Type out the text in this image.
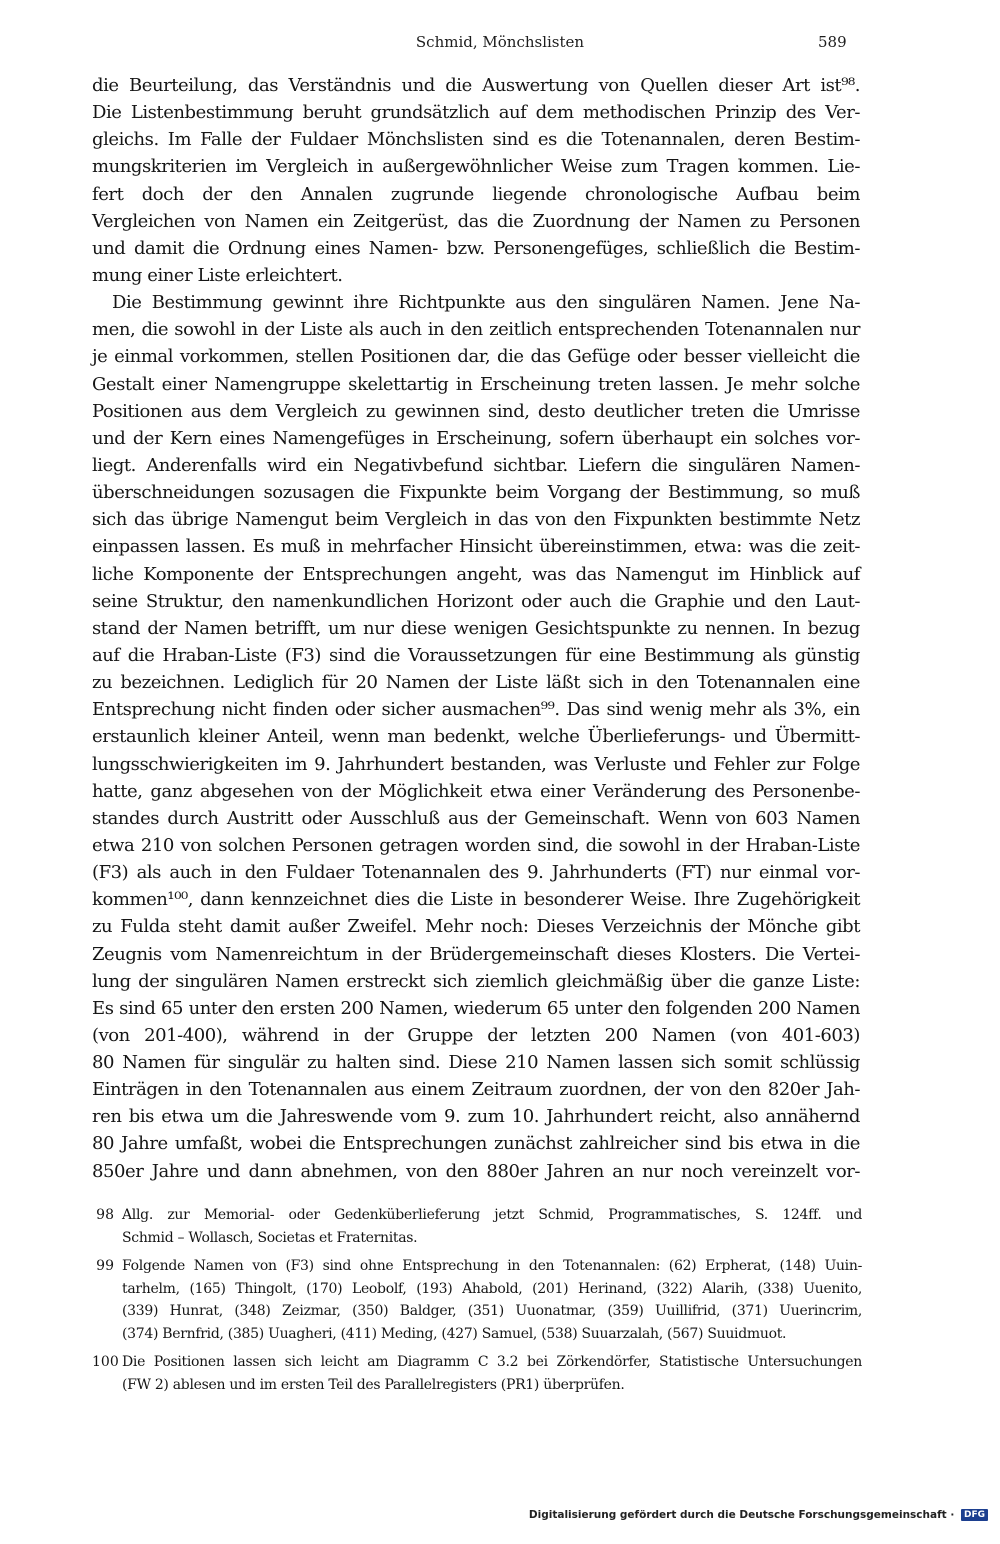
Schmid, Mönchslisten	589
die Beurteilung, das Verständnis und die Auswertung von Quellen dieser Art ist⁹⁸.
Die Listenbestimmung beruht grundsätzlich auf dem methodischen Prinzip des Ver-
gleichs. Im Falle der Fuldaer Mönchslisten sind es die Totenannalen, deren Bestim-
mungskriterien im Vergleich in außergewöhnlicher Weise zum Tragen kommen. Lie-
fert doch der den Annalen zugrunde liegende chronologische Aufbau beim
Vergleichen von Namen ein Zeitgerüst, das die Zuordnung der Namen zu Personen
und damit die Ordnung eines Namen- bzw. Personengefüges, schließlich die Bestim-
mung einer Liste erleichtert.
Die Bestimmung gewinnt ihre Richtpunkte aus den singulären Namen. Jene Na-
men, die sowohl in der Liste als auch in den zeitlich entsprechenden Totenannalen nur
je einmal vorkommen, stellen Positionen dar, die das Gefüge oder besser vielleicht die
Gestalt einer Namengruppe skelettartig in Erscheinung treten lassen. Je mehr solche
Positionen aus dem Vergleich zu gewinnen sind, desto deutlicher treten die Umrisse
und der Kern eines Namengefüges in Erscheinung, sofern überhaupt ein solches vor-
liegt. Anderenfalls wird ein Negativbefund sichtbar. Liefern die singulären Namen-
überschneidungen sozusagen die Fixpunkte beim Vorgang der Bestimmung, so muß
sich das übrige Namengut beim Vergleich in das von den Fixpunkten bestimmte Netz
einpassen lassen. Es muß in mehrfacher Hinsicht übereinstimmen, etwa: was die zeit-
liche Komponente der Entsprechungen angeht, was das Namengut im Hinblick auf
seine Struktur, den namenkundlichen Horizont oder auch die Graphie und den Laut-
stand der Namen betrifft, um nur diese wenigen Gesichtspunkte zu nennen. In bezug
auf die Hraban-Liste (F3) sind die Voraussetzungen für eine Bestimmung als günstig
zu bezeichnen. Lediglich für 20 Namen der Liste läßt sich in den Totenannalen eine
Entsprechung nicht finden oder sicher ausmachen⁹⁹. Das sind wenig mehr als 3%, ein
erstaunlich kleiner Anteil, wenn man bedenkt, welche Überlieferungs- und Übermitt-
lungsschwierigkeiten im 9. Jahrhundert bestanden, was Verluste und Fehler zur Folge
hatte, ganz abgesehen von der Möglichkeit etwa einer Veränderung des Personenbe-
standes durch Austritt oder Ausschluß aus der Gemeinschaft. Wenn von 603 Namen
etwa 210 von solchen Personen getragen worden sind, die sowohl in der Hraban-Liste
(F3) als auch in den Fuldaer Totenannalen des 9. Jahrhunderts (FT) nur einmal vor-
kommen¹⁰⁰, dann kennzeichnet dies die Liste in besonderer Weise. Ihre Zugehörigkeit
zu Fulda steht damit außer Zweifel. Mehr noch: Dieses Verzeichnis der Mönche gibt
Zeugnis vom Namenreichtum in der Brüdergemeinschaft dieses Klosters. Die Vertei-
lung der singulären Namen erstreckt sich ziemlich gleichmäßig über die ganze Liste:
Es sind 65 unter den ersten 200 Namen, wiederum 65 unter den folgenden 200 Namen
(von 201-400), während in der Gruppe der letzten 200 Namen (von 401-603)
80 Namen für singulär zu halten sind. Diese 210 Namen lassen sich somit schlüssig
Einträgen in den Totenannalen aus einem Zeitraum zuordnen, der von den 820er Jah-
ren bis etwa um die Jahreswende vom 9. zum 10. Jahrhundert reicht, also annähernd
80 Jahre umfaßt, wobei die Entsprechungen zunächst zahlreicher sind bis etwa in die
850er Jahre und dann abnehmen, von den 880er Jahren an nur noch vereinzelt vor-
98 Allg. zur Memorial- oder Gedenküberlieferung jetzt Schmid, Programmatisches, S. 124ff. und
Schmid – Wollasch, Societas et Fraternitas.
99 Folgende Namen von (F3) sind ohne Entsprechung in den Totenannalen: (62) Erpherat, (148) Uuin-
tarhelm, (165) Thingolt, (170) Leobolf, (193) Ahabold, (201) Herinand, (322) Alarih, (338) Uuenito,
(339) Hunrat, (348) Zeizmar, (350) Baldger, (351) Uuonatmar, (359) Uuillifrid, (371) Uuerincrim,
(374) Bernfrid, (385) Uuagheri, (411) Meding, (427) Samuel, (538) Suuarzalah, (567) Suuidmuot.
100 Die Positionen lassen sich leicht am Diagramm C 3.2 bei Zörkendörfer, Statistische Untersuchungen
(FW 2) ablesen und im ersten Teil des Parallelregisters (PR1) überprüfen.
Digitalisierung gefördert durch die Deutsche Forschungsgemeinschaft · DFG
